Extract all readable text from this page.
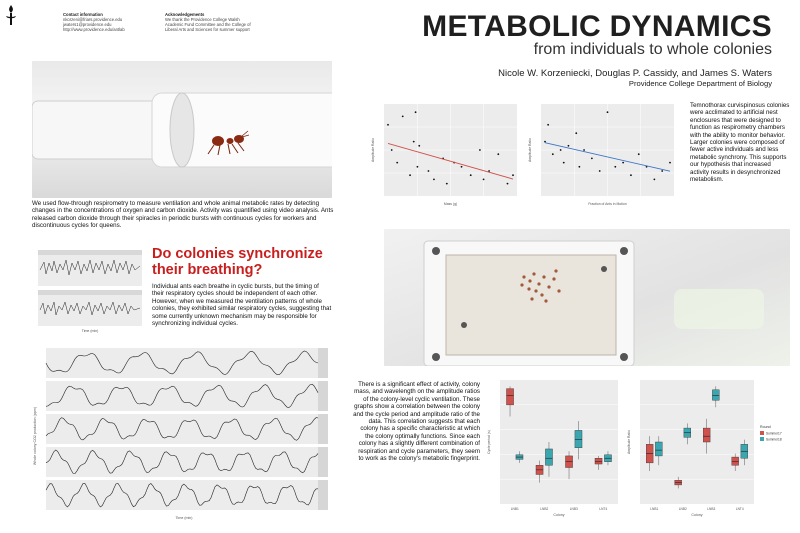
Contact information
nkorzeni@friars.providence.edu
jwaters1@providence.edu
http://www.providence.edu/antlab
Acknowledgements
We thank the Providence College Walsh
Academic Fund Committee and the College of
Liberal Arts and Sciences for summer support	METABOLIC DYNAMICS
from individuals to whole colonies
Nicole W. Korzeniecki, Douglas P. Cassidy, and James S. Waters
Providence College Department of Biology
We used flow-through respirometry to measure ventilation and whole animal metabolic rates by detecting changes in the concentrations of oxygen and carbon dioxide. Activity was quantified using video analysis. Ants released carbon dioxide through their spiracles in periodic bursts with continuous cycles for workers and discontinuous cycles for queens.
Time (min)
Do colonies synchronize
their breathing?
Individual ants each breathe in cyclic bursts, but the timing of their respiratory cycles should be independent of each other. However, when we measured the ventilation patterns of whole colonies, they exhibited similar respiratory cycles, suggesting that some currently unknown mechanism may be responsible for synchronizing individual cycles.
Whole colony CO2 production (ppm)
Time (min)
Mass (g)
Amplitude Ratio
Fraction of Ants in Motion
Amplitude Ratio
Temnothorax curvispinosus colonies were acclimated to artificial nest enclosures that were designed to function as respirometry chambers with the ability to monitor behavior. Larger colonies were composed of fewer active individuals and less metabolic synchrony. This supports our hypothesis that increased activity results in desynchronized metabolism.
There is a significant effect of activity, colony mass, and wavelength on the amplitude ratios of the colony-level cyclic ventilation. These graphs show a correlation between the colony and the cycle period and amplitude ratio of the data. This correlation suggests that each colony has a specific characteristic at which the colony optimally functions. Since each colony has a slightly different combination of respiration and cycle parameters, they seem to work as the colony's metabolic fingerprint.
LNB1	LNB2	LNB3	LNT4
Colony
Cycle period (s)
LNB1	LNB2	LNB3	LNT4
Colony
Amplitude Ratio
Round
Summer17
Summer18
